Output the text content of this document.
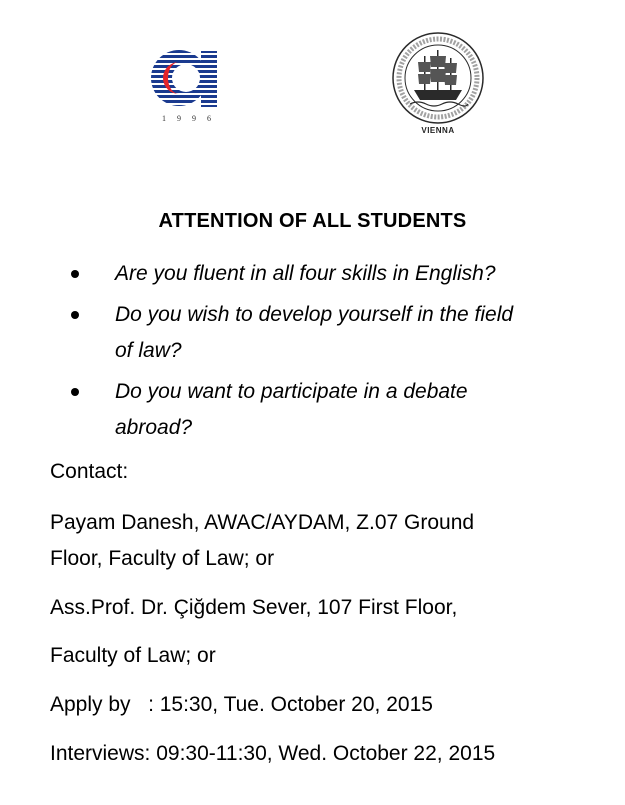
1996
VIENNA
ATTENTION OF ALL STUDENTS
Are you fluent in all four skills in English?
Do you wish to develop yourself in the field
of law?
Do you want to participate in a debate
abroad?
Contact:
Payam Danesh, AWAC/AYDAM, Z.07 Ground
Floor, Faculty of Law; or
Ass.Prof. Dr. Çiğdem Sever, 107 First Floor,
Faculty of Law; or
Apply by : 15:30, Tue. October 20, 2015
Interviews: 09:30-11:30, Wed. October 22, 2015
